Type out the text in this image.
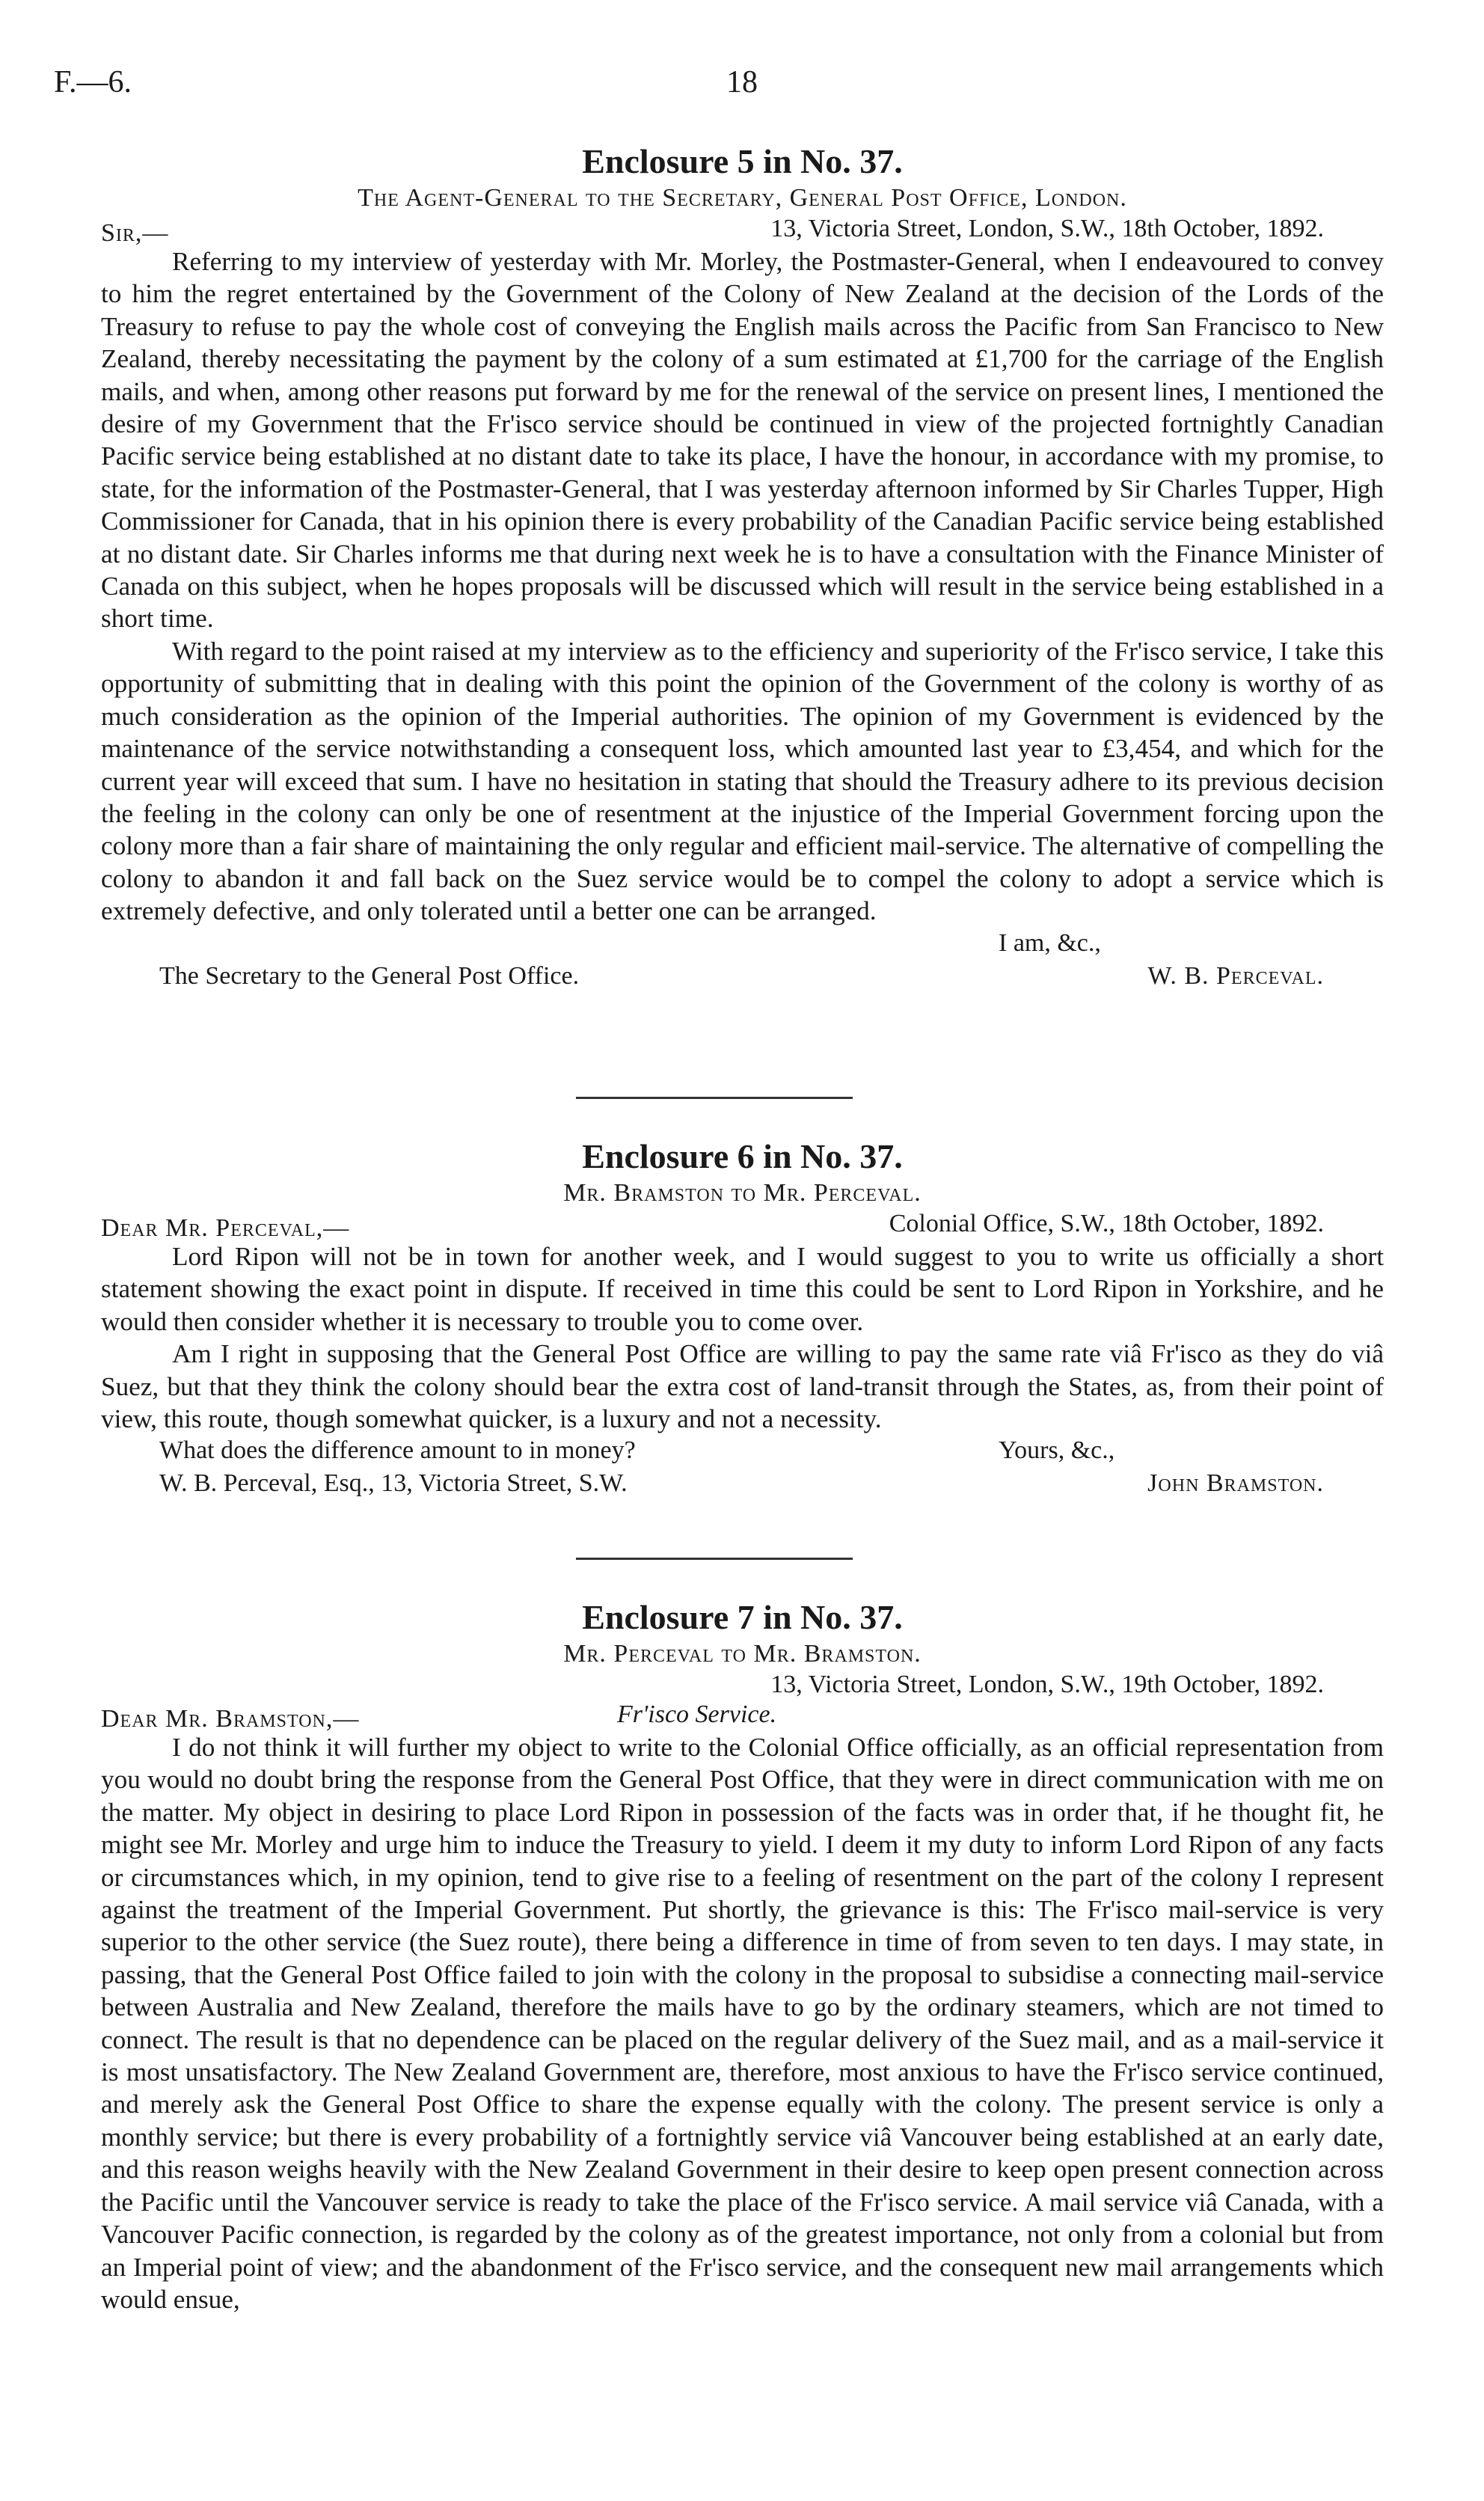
F.—6.	18
Enclosure 5 in No. 37.
The Agent-General to the Secretary, General Post Office, London.
Sir,—	13, Victoria Street, London, S.W., 18th October, 1892.

Referring to my interview of yesterday with Mr. Morley, the Postmaster-General, when I endeavoured to convey to him the regret entertained by the Government of the Colony of New Zealand at the decision of the Lords of the Treasury to refuse to pay the whole cost of conveying the English mails across the Pacific from San Francisco to New Zealand, thereby necessitating the payment by the colony of a sum estimated at £1,700 for the carriage of the English mails, and when, among other reasons put forward by me for the renewal of the service on present lines, I mentioned the desire of my Government that the Fr'isco service should be continued in view of the projected fortnightly Canadian Pacific service being established at no distant date to take its place, I have the honour, in accordance with my promise, to state, for the information of the Postmaster-General, that I was yesterday afternoon informed by Sir Charles Tupper, High Commissioner for Canada, that in his opinion there is every probability of the Canadian Pacific service being established at no distant date. Sir Charles informs me that during next week he is to have a consultation with the Finance Minister of Canada on this subject, when he hopes proposals will be discussed which will result in the service being established in a short time.

With regard to the point raised at my interview as to the efficiency and superiority of the Fr'isco service, I take this opportunity of submitting that in dealing with this point the opinion of the Government of the colony is worthy of as much consideration as the opinion of the Imperial authorities. The opinion of my Government is evidenced by the maintenance of the service notwithstanding a consequent loss, which amounted last year to £3,454, and which for the current year will exceed that sum. I have no hesitation in stating that should the Treasury adhere to its previous decision the feeling in the colony can only be one of resentment at the injustice of the Imperial Government forcing upon the colony more than a fair share of maintaining the only regular and efficient mail-service. The alternative of compelling the colony to abandon it and fall back on the Suez service would be to compel the colony to adopt a service which is extremely defective, and only tolerated until a better one can be arranged.

I am, &c.,
The Secretary to the General Post Office.	W. B. Perceval.
Enclosure 6 in No. 37.
Mr. Bramston to Mr. Perceval.
Dear Mr. Perceval,—	Colonial Office, S.W., 18th October, 1892.

Lord Ripon will not be in town for another week, and I would suggest to you to write us officially a short statement showing the exact point in dispute. If received in time this could be sent to Lord Ripon in Yorkshire, and he would then consider whether it is necessary to trouble you to come over.

Am I right in supposing that the General Post Office are willing to pay the same rate viâ Fr'isco as they do viâ Suez, but that they think the colony should bear the extra cost of land-transit through the States, as, from their point of view, this route, though somewhat quicker, is a luxury and not a necessity.

What does the difference amount to in money?	Yours, &c.,
W. B. Perceval, Esq., 13, Victoria Street, S.W.	John Bramston.
Enclosure 7 in No. 37.
Mr. Perceval to Mr. Bramston.
13, Victoria Street, London, S.W., 19th October, 1892.
Dear Mr. Bramston,—	Fr'isco Service.

I do not think it will further my object to write to the Colonial Office officially, as an official representation from you would no doubt bring the response from the General Post Office, that they were in direct communication with me on the matter. My object in desiring to place Lord Ripon in possession of the facts was in order that, if he thought fit, he might see Mr. Morley and urge him to induce the Treasury to yield. I deem it my duty to inform Lord Ripon of any facts or circumstances which, in my opinion, tend to give rise to a feeling of resentment on the part of the colony I represent against the treatment of the Imperial Government. Put shortly, the grievance is this: The Fr'isco mail-service is very superior to the other service (the Suez route), there being a difference in time of from seven to ten days. I may state, in passing, that the General Post Office failed to join with the colony in the proposal to subsidise a connecting mail-service between Australia and New Zealand, therefore the mails have to go by the ordinary steamers, which are not timed to connect. The result is that no dependence can be placed on the regular delivery of the Suez mail, and as a mail-service it is most unsatisfactory. The New Zealand Government are, therefore, most anxious to have the Fr'isco service continued, and merely ask the General Post Office to share the expense equally with the colony. The present service is only a monthly service; but there is every probability of a fortnightly service viâ Vancouver being established at an early date, and this reason weighs heavily with the New Zealand Government in their desire to keep open present connection across the Pacific until the Vancouver service is ready to take the place of the Fr'isco service. A mail service viâ Canada, with a Vancouver Pacific connection, is regarded by the colony as of the greatest importance, not only from a colonial but from an Imperial point of view; and the abandonment of the Fr'isco service, and the consequent new mail arrangements which would ensue,
